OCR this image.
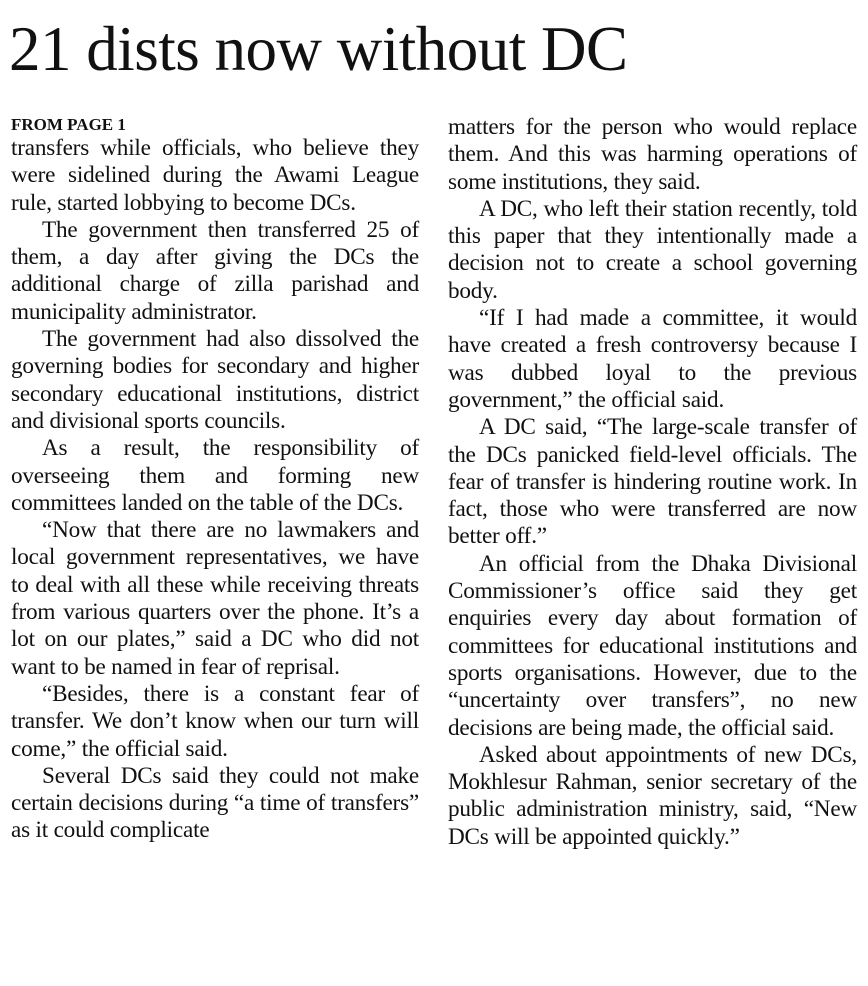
21 dists now without DC
FROM PAGE 1

transfers while officials, who believe they were sidelined during the Awami League rule, started lobbying to become DCs.

The government then transferred 25 of them, a day after giving the DCs the additional charge of zilla parishad and municipality administrator.

The government had also dissolved the governing bodies for secondary and higher secondary educational institutions, district and divisional sports councils.

As a result, the responsibility of overseeing them and forming new committees landed on the table of the DCs.

“Now that there are no lawmakers and local government representatives, we have to deal with all these while receiving threats from various quarters over the phone. It’s a lot on our plates,” said a DC who did not want to be named in fear of reprisal.

“Besides, there is a constant fear of transfer. We don’t know when our turn will come,” the official said.

Several DCs said they could not make certain decisions during “a time of transfers” as it could complicate

matters for the person who would replace them. And this was harming operations of some institutions, they said.

A DC, who left their station recently, told this paper that they intentionally made a decision not to create a school governing body.

“If I had made a committee, it would have created a fresh controversy because I was dubbed loyal to the previous government,” the official said.

A DC said, “The large-scale transfer of the DCs panicked field-level officials. The fear of transfer is hindering routine work. In fact, those who were transferred are now better off.”

An official from the Dhaka Divisional Commissioner’s office said they get enquiries every day about formation of committees for educational institutions and sports organisations. However, due to the “uncertainty over transfers”, no new decisions are being made, the official said.

Asked about appointments of new DCs, Mokhlesur Rahman, senior secretary of the public administration ministry, said, “New DCs will be appointed quickly.”
